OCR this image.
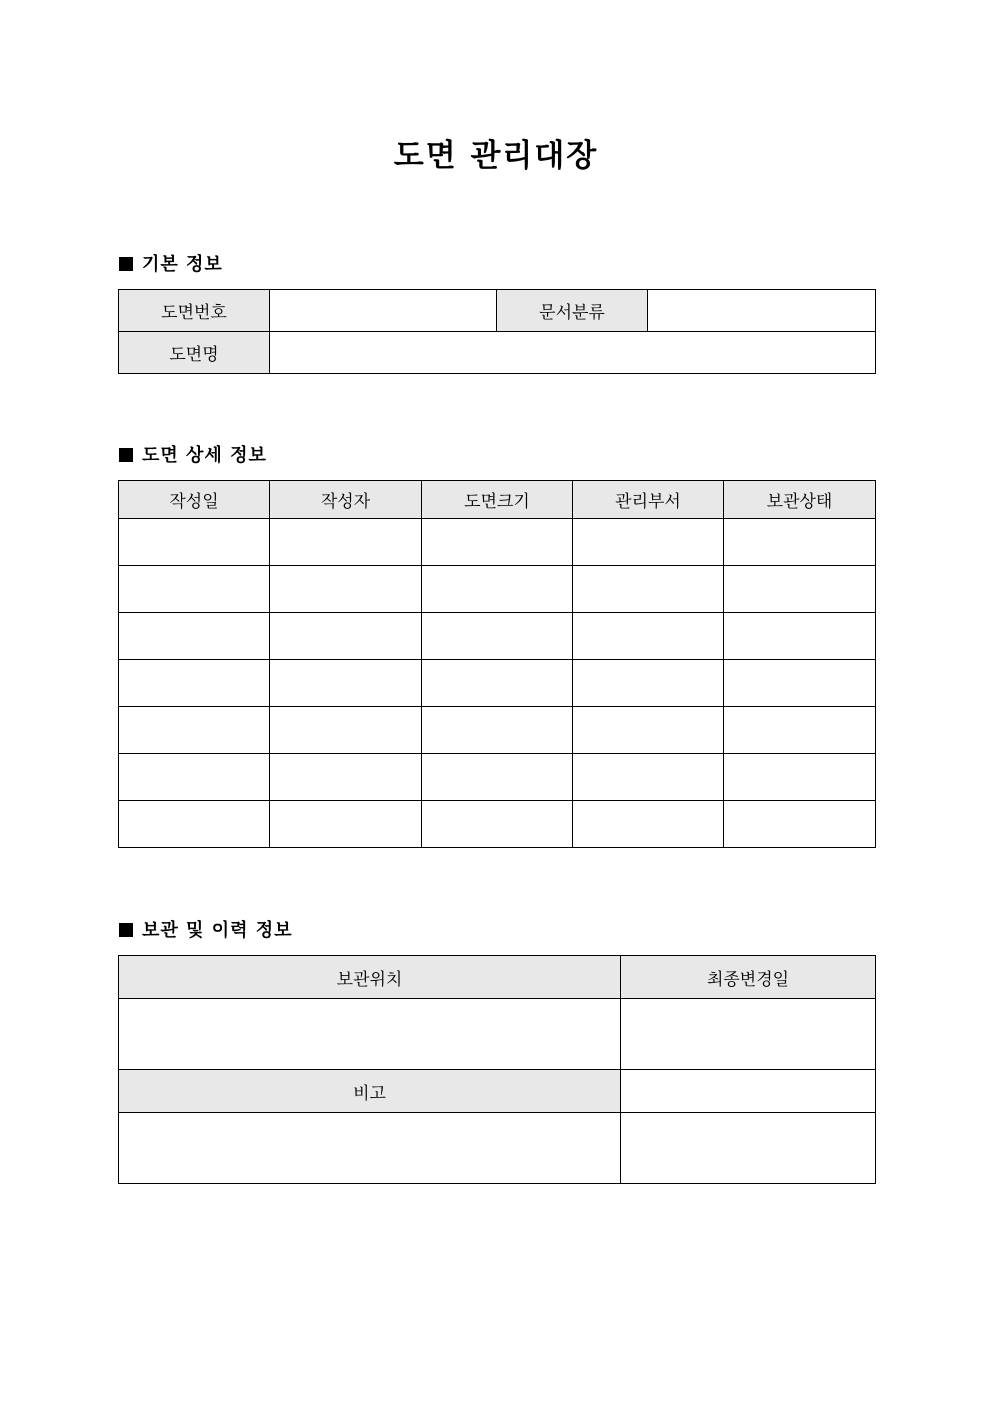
도면 관리대장
기본 정보
도면번호		문서분류	
도면명			
도면 상세 정보
작성일	작성자	도면크기	관리부서	보관상태

보관 및 이력 정보
보관위치	최종변경일

비고	
